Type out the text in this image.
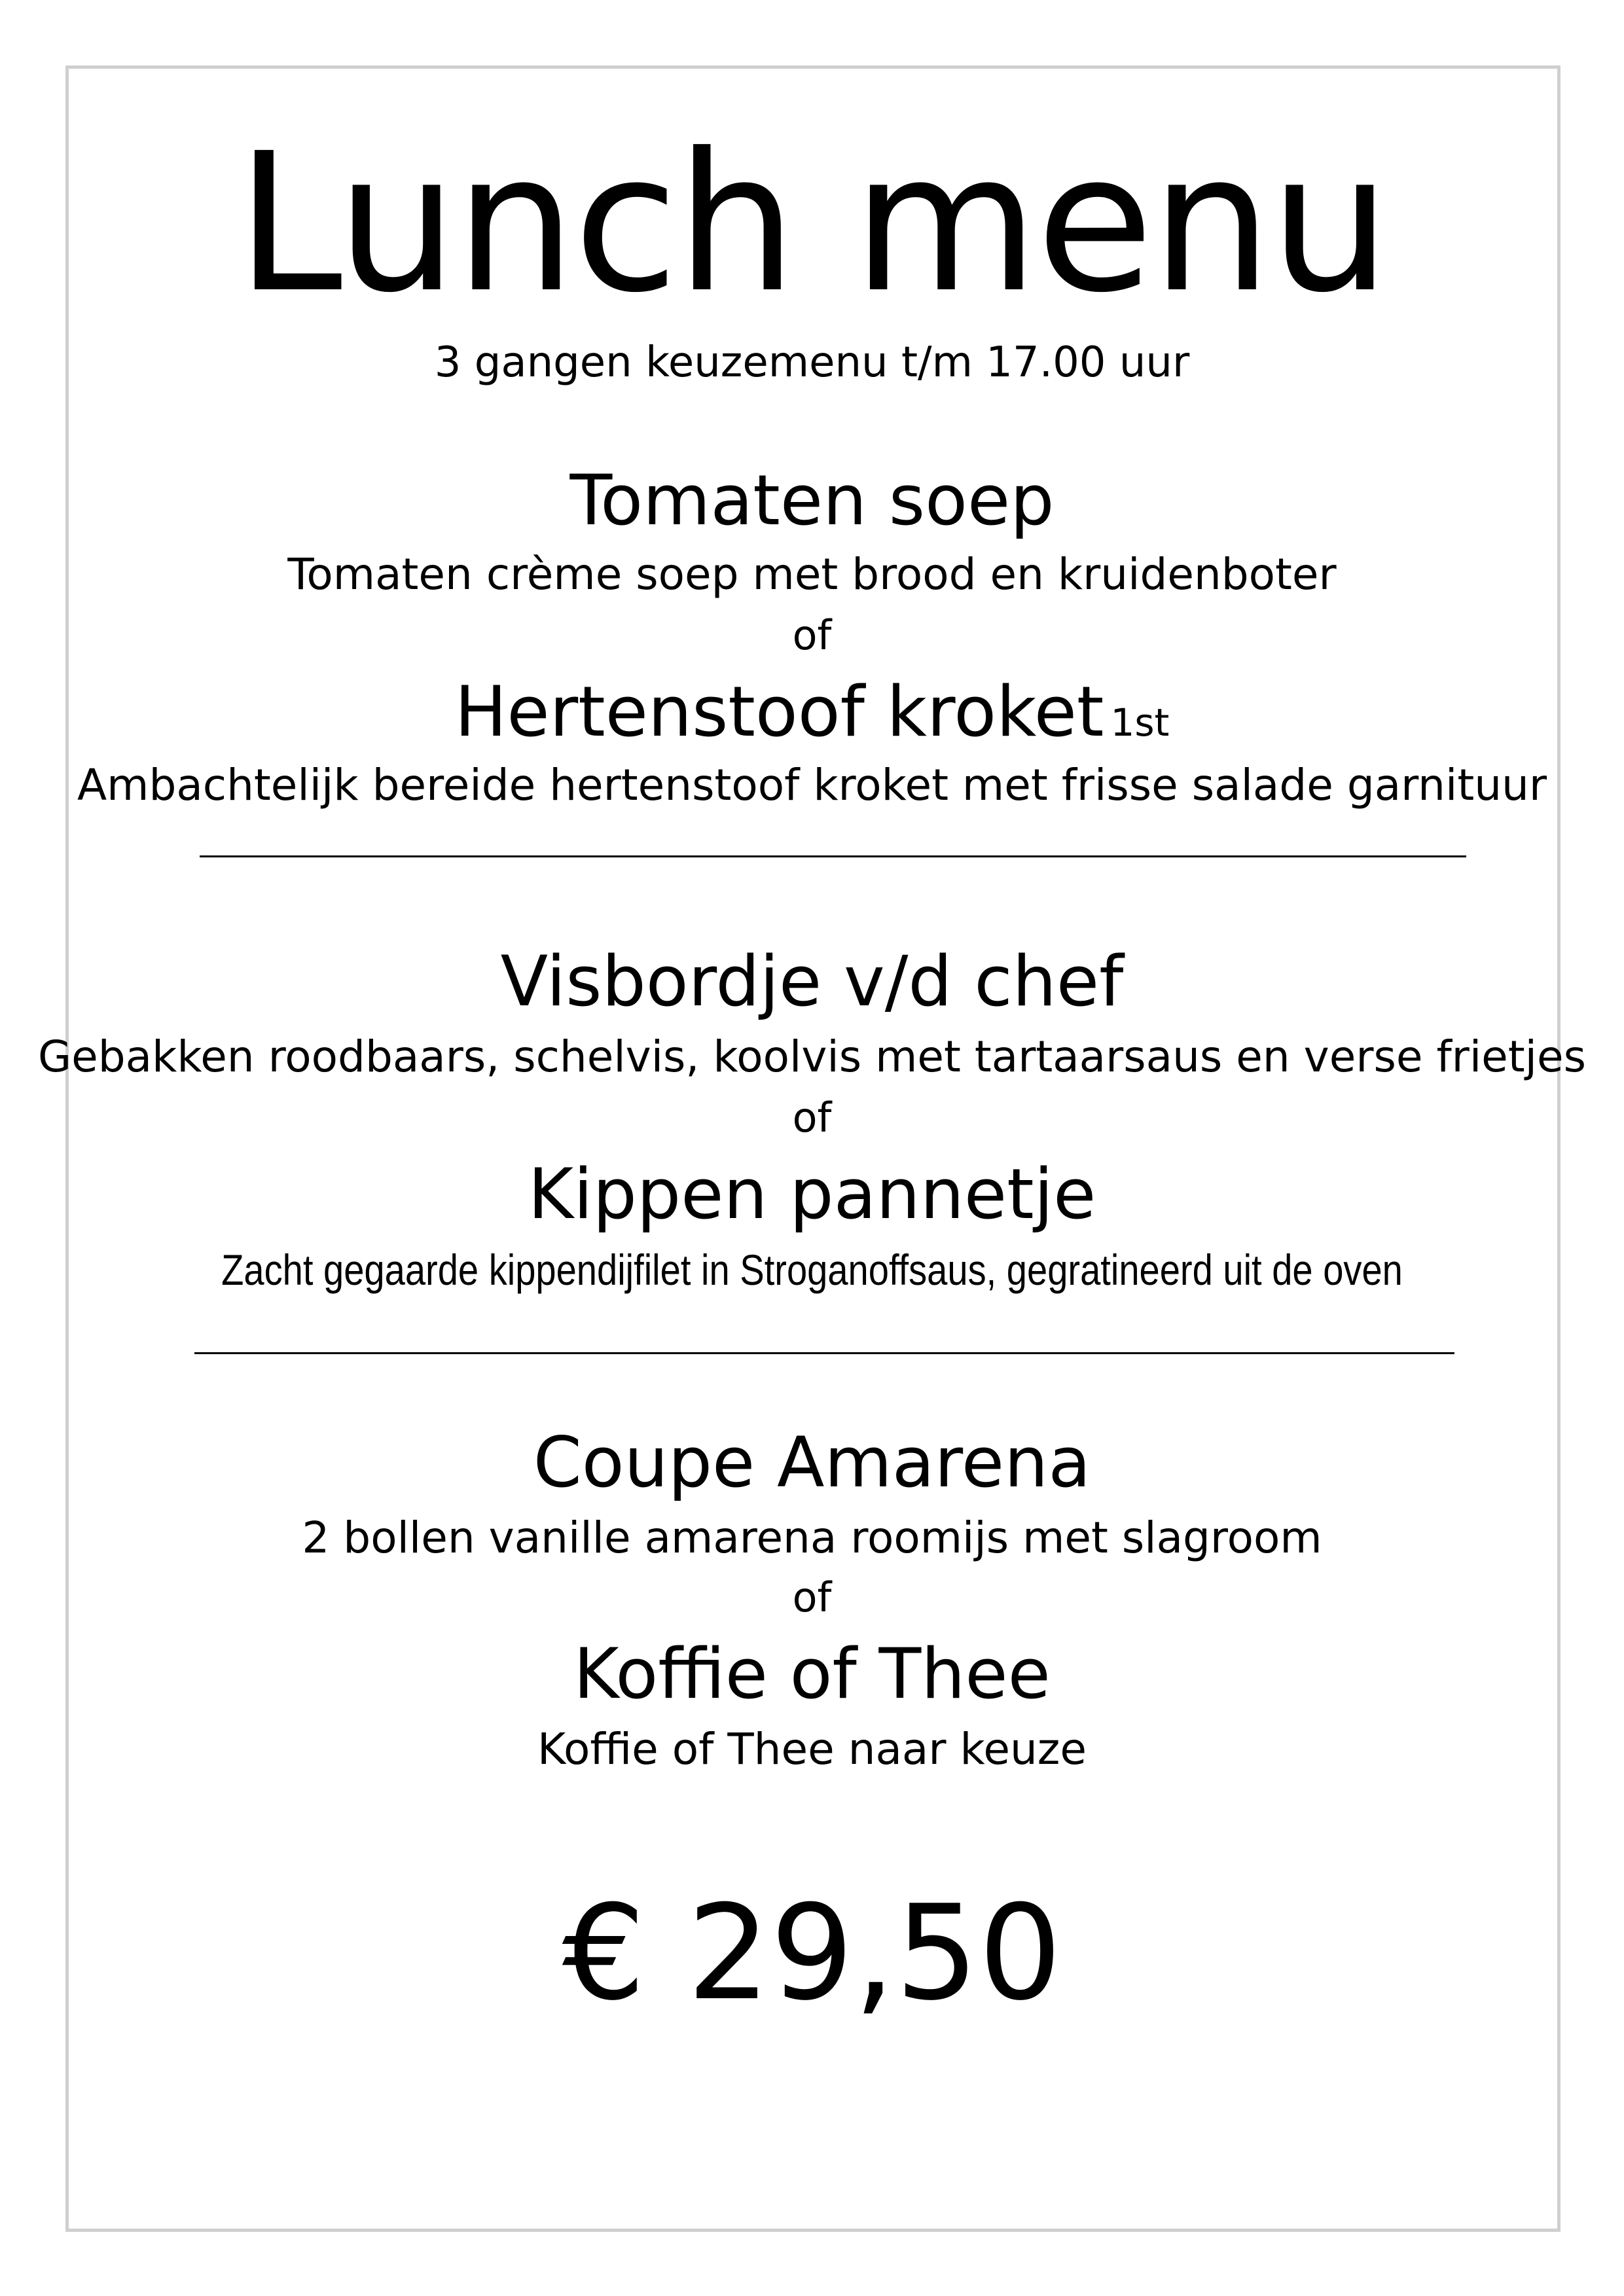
Lunch menu
3 gangen keuzemenu t/m 17.00 uur
Tomaten soep
Tomaten crème soep met brood en kruidenboter
of
Hertenstoof kroket 1st
Ambachtelijk bereide hertenstoof kroket met frisse salade garnituur
Visbordje v/d chef
Gebakken roodbaars, schelvis, koolvis met tartaarsaus en verse frietjes
of
Kippen pannetje
Zacht gegaarde kippendijfilet in Stroganoffsaus, gegratineerd uit de oven
Coupe Amarena
2 bollen vanille amarena roomijs met slagroom
of
Koffie of Thee
Koffie of Thee naar keuze
€ 29,50
